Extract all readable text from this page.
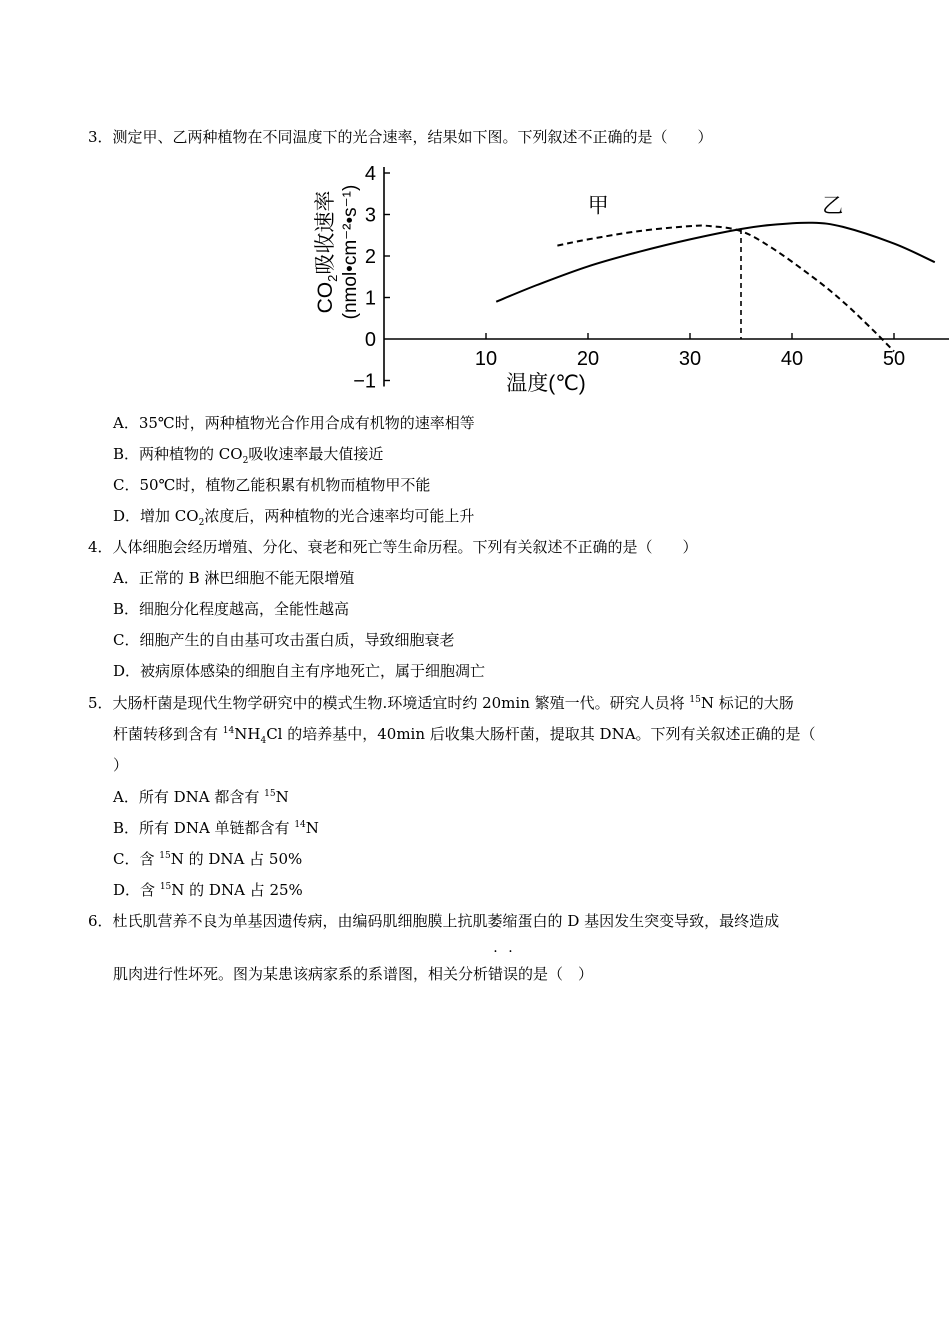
3．测定甲、乙两种植物在不同温度下的光合速率，结果如下图。下列叙述不正确的是（　　）
−1
0
1
2
3
4
10	20	30	40	50
温度(℃)
$CO_2$吸收速率 (nmol•cm⁻²•s⁻¹)	甲	乙
A．35℃时，两种植物光合作用合成有机物的速率相等
B．两种植物的 $CO_2$吸收速率最大值接近
C．50℃时，植物乙能积累有机物而植物甲不能
D．增加 $CO_2$浓度后，两种植物的光合速率均可能上升
4．人体细胞会经历增殖、分化、衰老和死亡等生命历程。下列有关叙述不正确的是（　　）
A．正常的 B 淋巴细胞不能无限增殖
B．细胞分化程度越高，全能性越高
C．细胞产生的自由基可攻击蛋白质，导致细胞衰老
D．被病原体感染的细胞自主有序地死亡，属于细胞凋亡
5．大肠杆菌是现代生物学研究中的模式生物.环境适宜时约 20min 繁殖一代。研究人员将 $^{15}$N 标记的大肠
杆菌转移到含有 $^{14}NH_4Cl$ 的培养基中，40min 后收集大肠杆菌，提取其 DNA。下列有关叙述正确的是（
）
A．所有 DNA 都含有 $^{15}$N
B．所有 DNA 单链都含有 $^{14}$N
C．含 $^{15}$N 的 DNA 占 50%
D．含 $^{15}$N 的 DNA 占 25%
6．杜氏肌营养不良为单基因遗传病，由编码肌细胞膜上抗肌萎缩蛋白的 D 基因发生突变导致，最终造成
肌肉进行性坏死。图为某患该病家系的系谱图，相关分析错误的是（　）
